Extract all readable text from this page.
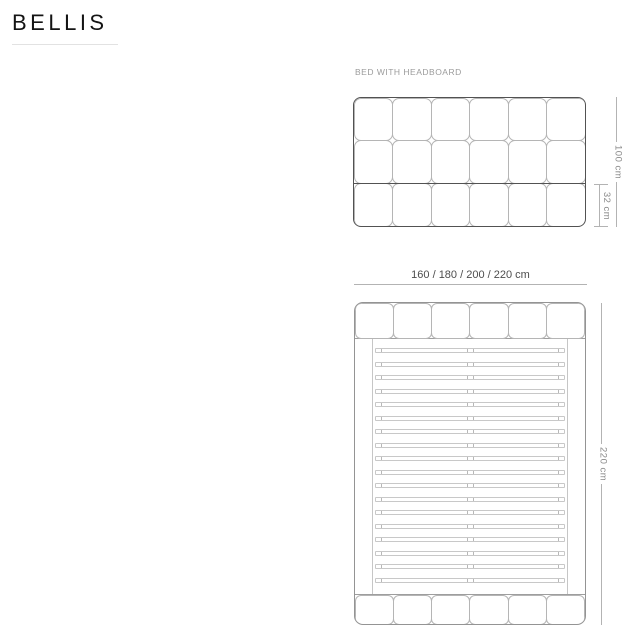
BELLIS
BED WITH HEADBOARD
100 cm
32 cm
160 / 180 / 200 / 220 cm
220 cm
